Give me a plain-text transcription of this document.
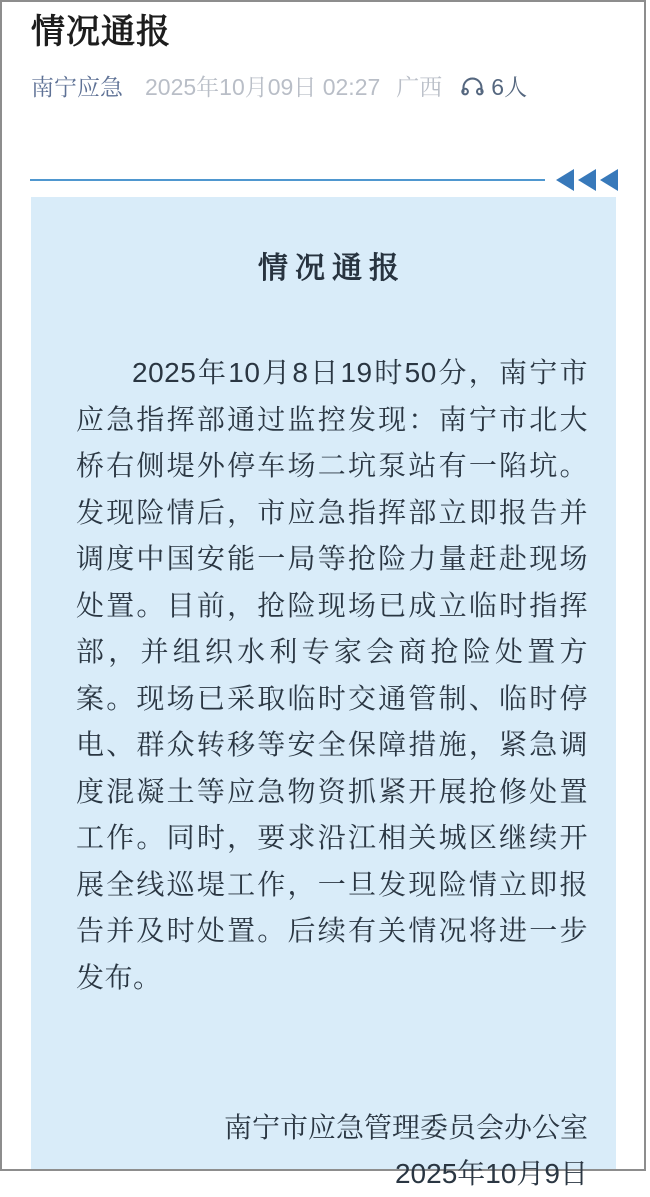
情况通报
南宁应急 2025年10月09日 02:27 广西 6人
情况通报

2025年10月8日19时50分，南宁市应急指挥部通过监控发现：南宁市北大桥右侧堤外停车场二坑泵站有一陷坑。发现险情后，市应急指挥部立即报告并调度中国安能一局等抢险力量赶赴现场处置。目前，抢险现场已成立临时指挥部，并组织水利专家会商抢险处置方案。现场已采取临时交通管制、临时停电、群众转移等安全保障措施，紧急调度混凝土等应急物资抓紧开展抢修处置工作。同时，要求沿江相关城区继续开展全线巡堤工作，一旦发现险情立即报告并及时处置。后续有关情况将进一步发布。

南宁市应急管理委员会办公室
2025年10月9日
